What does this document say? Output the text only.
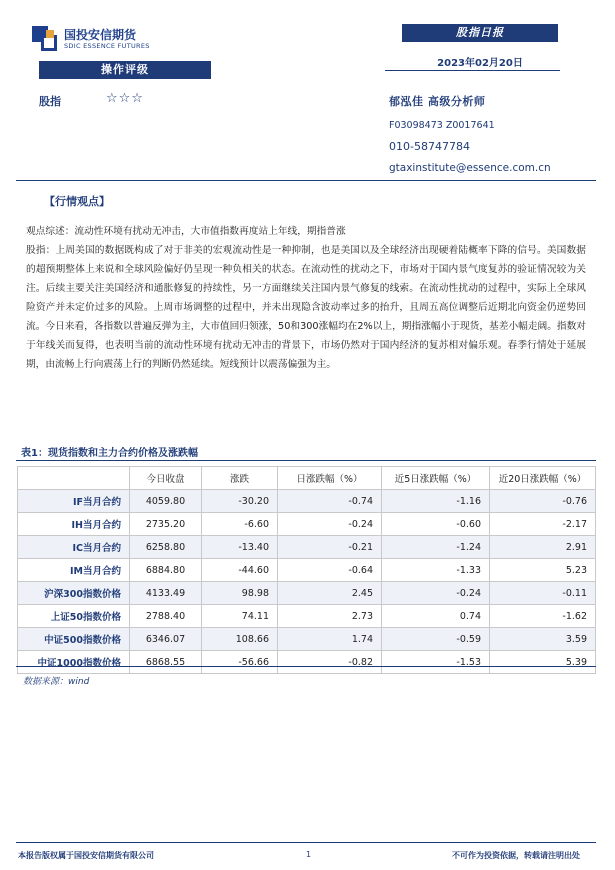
国投安信期货
SDIC ESSENCE FUTURES
股指日报
2023年02月20日
操作评级
股指	☆☆☆	郁泓佳 高级分析师
F03098473 Z0017641
010-58747784
gtaxinstitute@essence.com.cn
【行情观点】
观点综述：流动性环境有扰动无冲击，大市值指数再度站上年线，期指普涨
股指：上周美国的数据既构成了对于非美的宏观流动性是一种抑制，也是美国以及全球经济出现硬着陆概率下降的信号。美国数据的超预期整体上来说和全球风险偏好仍呈现一种负相关的状态。在流动性的扰动之下，市场对于国内景气度复苏的验证情况较为关注。后续主要关注美国经济和通胀修复的持续性，另一方面继续关注国内景气修复的线索。在流动性扰动的过程中，实际上全球风险资产并未定价过多的风险。上周市场调整的过程中，并未出现隐含波动率过多的抬升，且周五高位调整后近期北向资金仍逆势回流。今日来看，各指数以普遍反弹为主，大市值回归领涨，50和300涨幅均在2%以上，期指涨幅小于现货，基差小幅走阔。指数对于年线关而复得，也表明当前的流动性环境有扰动无冲击的背景下，市场仍然对于国内经济的复苏相对偏乐观。春季行情处于延展期，由流畅上行向震荡上行的判断仍然延续。短线预计以震荡偏强为主。
表1：现货指数和主力合约价格及涨跌幅
	今日收盘	涨跌	日涨跌幅（%）	近5日涨跌幅（%）	近20日涨跌幅（%）
IF当月合约	4059.80	-30.20	-0.74	-1.16	-0.76
IH当月合约	2735.20	-6.60	-0.24	-0.60	-2.17
IC当月合约	6258.80	-13.40	-0.21	-1.24	2.91
IM当月合约	6884.80	-44.60	-0.64	-1.33	5.23
沪深300指数价格	4133.49	98.98	2.45	-0.24	-0.11
上证50指数价格	2788.40	74.11	2.73	0.74	-1.62
中证500指数价格	6346.07	108.66	1.74	-0.59	3.59
中证1000指数价格	6868.55	-56.66	-0.82	-1.53	5.39
数据来源：wind
本报告版权属于国投安信期货有限公司	1	不可作为投资依据，转载请注明出处
